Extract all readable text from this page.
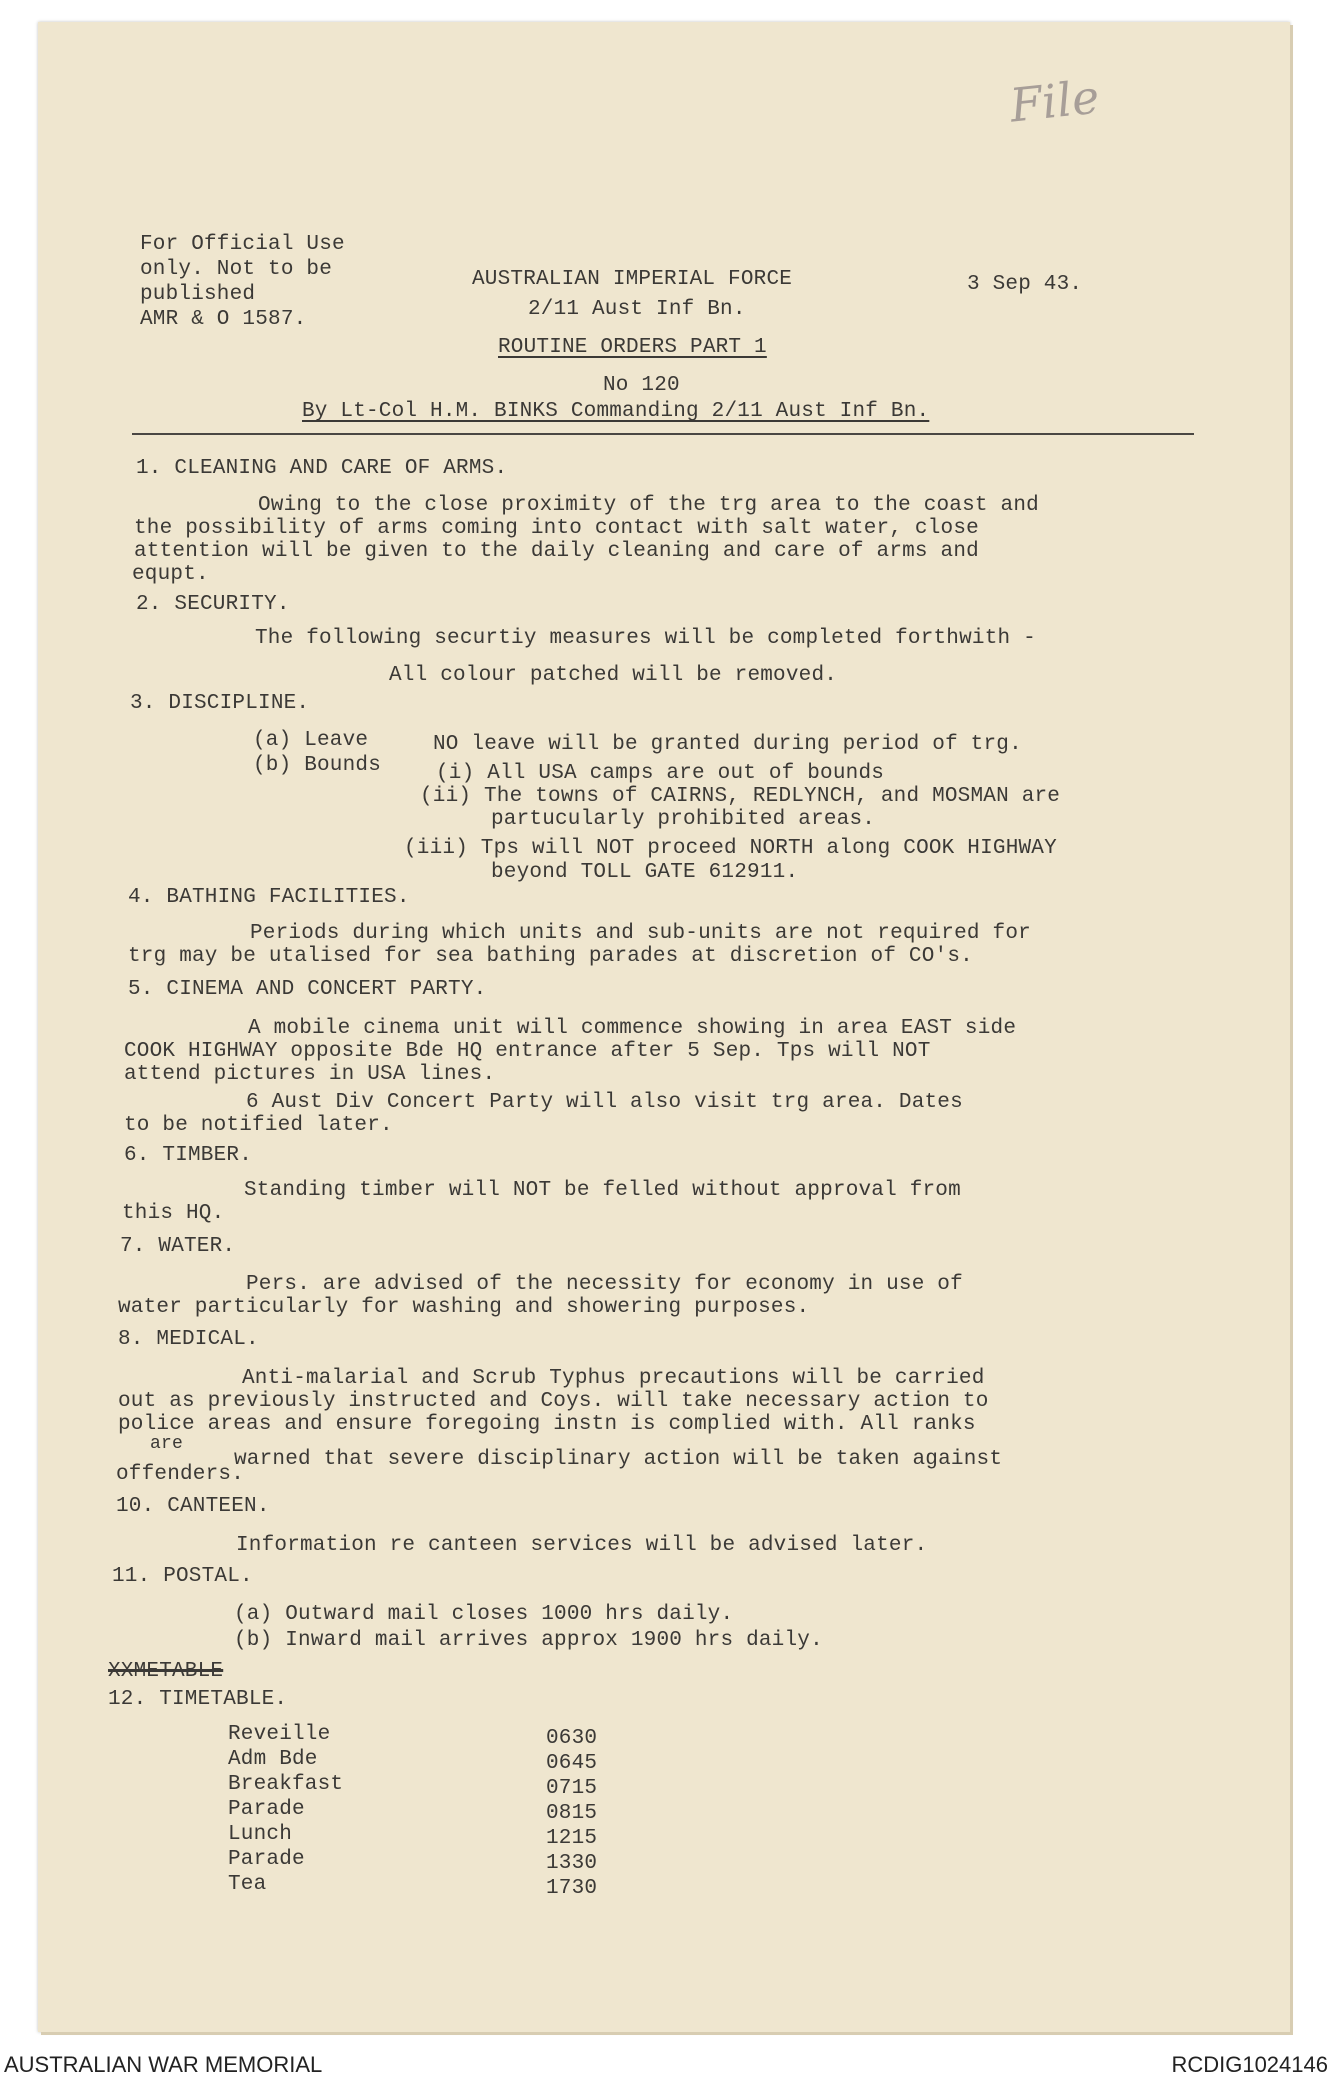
File
For Official Use
only. Not to be
published
AMR & O 1587.
AUSTRALIAN IMPERIAL FORCE
2/11 Aust Inf Bn.
ROUTINE ORDERS PART 1
3 Sep 43.
No 120
By Lt-Col H.M. BINKS Commanding 2/11 Aust Inf Bn.
1. CLEANING AND CARE OF ARMS.
Owing to the close proximity of the trg area to the coast and
the possibility of arms coming into contact with salt water, close
attention will be given to the daily cleaning and care of arms and
equpt.
2. SECURITY.
The following securtiy measures will be completed forthwith -
All colour patched will be removed.
3. DISCIPLINE.
(a) Leave	NO leave will be granted during period of trg.
(b) Bounds	(i) All USA camps are out of bounds
(ii) The towns of CAIRNS, REDLYNCH, and MOSMAN are
partucularly prohibited areas.
(iii) Tps will NOT proceed NORTH along COOK HIGHWAY
beyond TOLL GATE 612911.
4. BATHING FACILITIES.
Periods during which units and sub-units are not required for
trg may be utalised for sea bathing parades at discretion of CO's.
5. CINEMA AND CONCERT PARTY.
A mobile cinema unit will commence showing in area EAST side
COOK HIGHWAY opposite Bde HQ entrance after 5 Sep. Tps will NOT
attend pictures in USA lines.
6 Aust Div Concert Party will also visit trg area. Dates
to be notified later.
6. TIMBER.
Standing timber will NOT be felled without approval from
this HQ.
7. WATER.
Pers. are advised of the necessity for economy in use of
water particularly for washing and showering purposes.
8. MEDICAL.
Anti-malarial and Scrub Typhus precautions will be carried
out as previously instructed and Coys. will take necessary action to
police areas and ensure foregoing instn is complied with. All ranks
are
warned that severe disciplinary action will be taken against
offenders.
10. CANTEEN.
Information re canteen services will be advised later.
11. POSTAL.
(a) Outward mail closes 1000 hrs daily.
(b) Inward mail arrives approx 1900 hrs daily.
XXMETABLE
12. TIMETABLE.
Reveille	0630
Adm Bde	0645
Breakfast	0715
Parade	0815
Lunch	1215
Parade	1330
Tea	1730
AUSTRALIAN WAR MEMORIAL	RCDIG1024146
